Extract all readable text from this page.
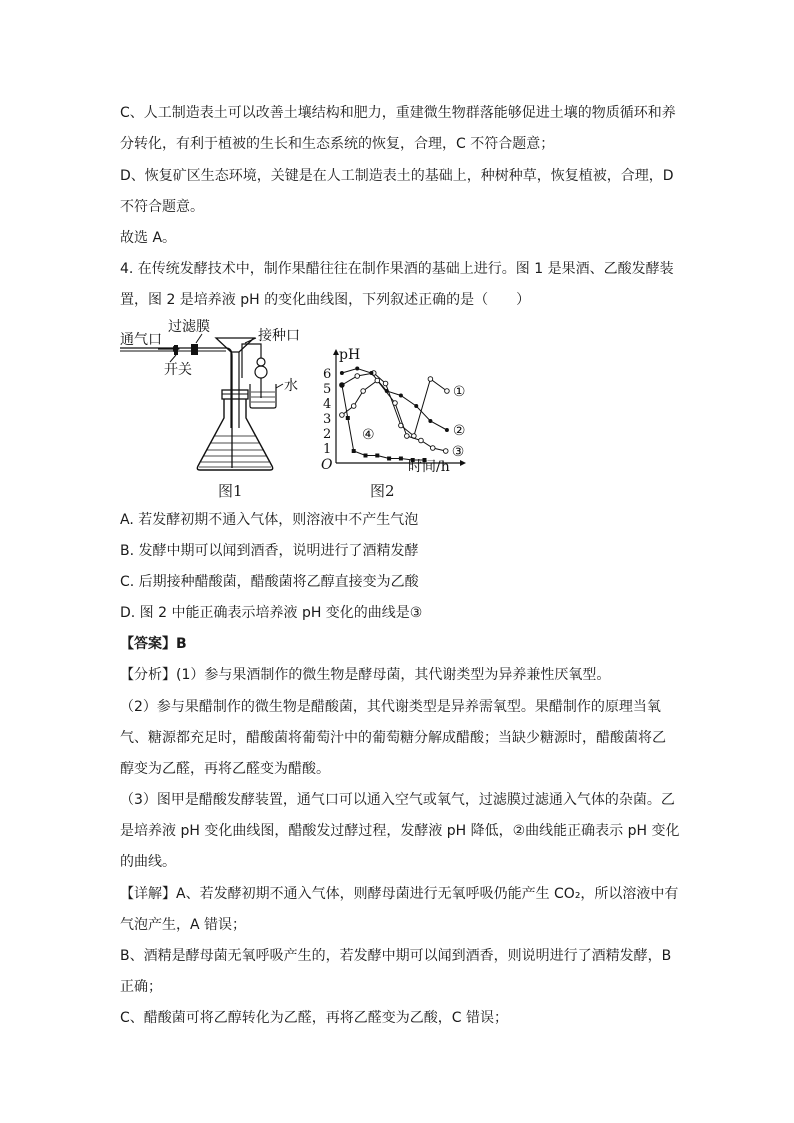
C、人工制造表土可以改善土壤结构和肥力，重建微生物群落能够促进土壤的物质循环和养
分转化，有利于植被的生长和生态系统的恢复，合理，C 不符合题意；
D、恢复矿区生态环境，关键是在人工制造表土的基础上，种树种草，恢复植被，合理，D
不符合题意。
故选 A。
4. 在传统发酵技术中，制作果醋往往在制作果酒的基础上进行。图 1 是果酒、乙酸发酵装
置，图 2 是培养液 pH 的变化曲线图，下列叙述正确的是（　　）
通气口
过滤膜
接种口
开关
水
图1
1
2
3
4
5
6
①
②
③
④
pH
时间/h
O
图2
A. 若发酵初期不通入气体，则溶液中不产生气泡
B. 发酵中期可以闻到酒香，说明进行了酒精发酵
C. 后期接种醋酸菌，醋酸菌将乙醇直接变为乙酸
D. 图 2 中能正确表示培养液 pH 变化的曲线是③
【答案】B
【分析】(1）参与果酒制作的微生物是酵母菌，其代谢类型为异养兼性厌氧型。
（2）参与果醋制作的微生物是醋酸菌，其代谢类型是异养需氧型。果醋制作的原理当氧
气、糖源都充足时，醋酸菌将葡萄汁中的葡萄糖分解成醋酸；当缺少糖源时，醋酸菌将乙
醇变为乙醛，再将乙醛变为醋酸。
（3）图甲是醋酸发酵装置，通气口可以通入空气或氧气，过滤膜过滤通入气体的杂菌。乙
是培养液 pH 变化曲线图，醋酸发过酵过程，发酵液 pH 降低，②曲线能正确表示 pH 变化
的曲线。
【详解】A、若发酵初期不通入气体，则酵母菌进行无氧呼吸仍能产生 CO₂，所以溶液中有
气泡产生，A 错误；
B、酒精是酵母菌无氧呼吸产生的，若发酵中期可以闻到酒香，则说明进行了酒精发酵，B
正确；
C、醋酸菌可将乙醇转化为乙醛，再将乙醛变为乙酸，C 错误；
